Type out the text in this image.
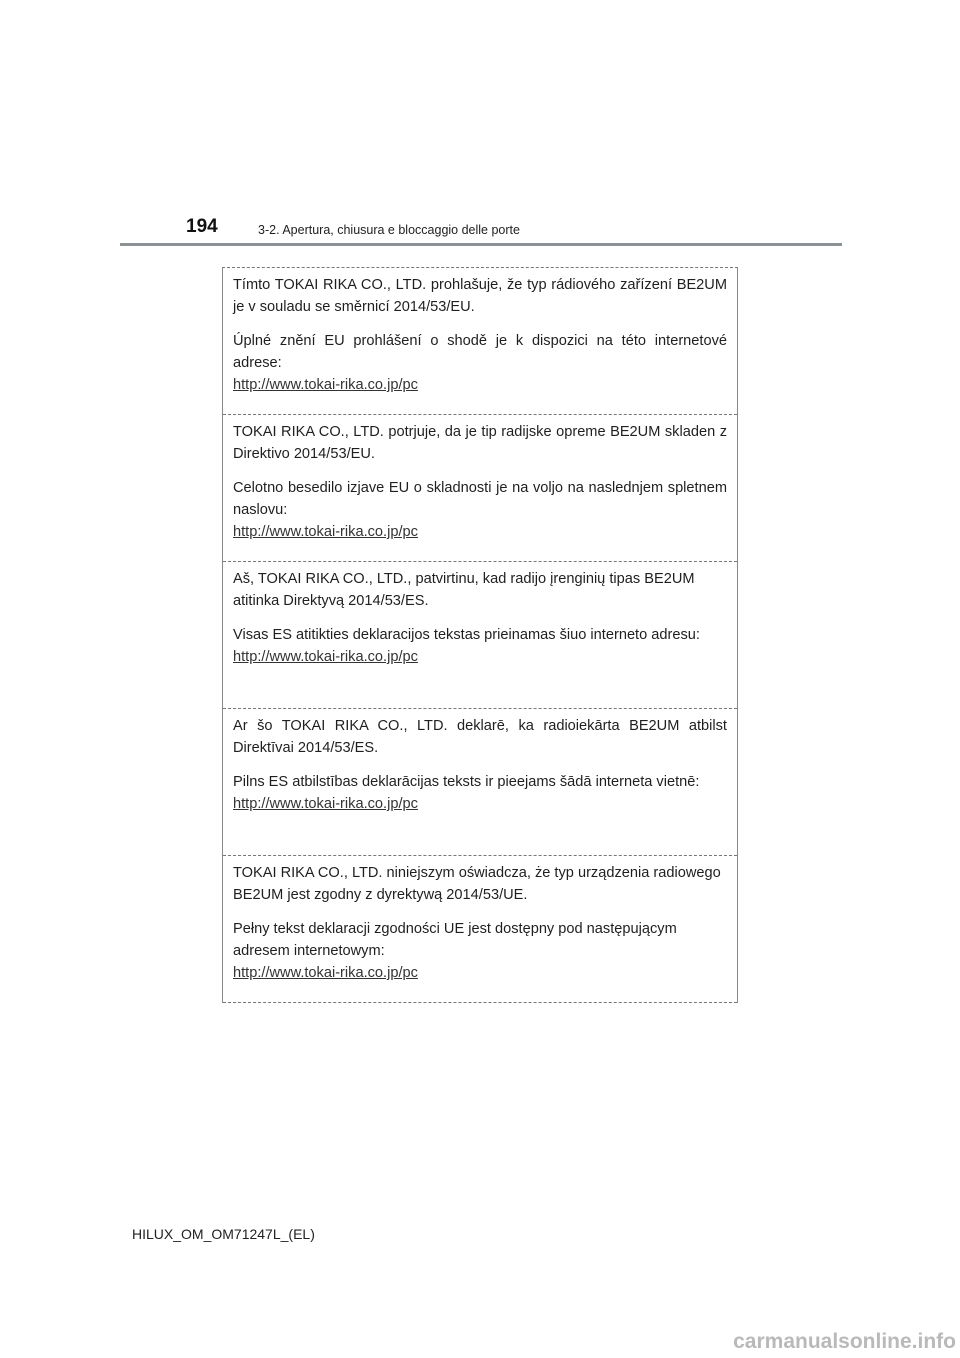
194	3-2. Apertura, chiusura e bloccaggio delle porte

Tímto TOKAI RIKA CO., LTD. prohlašuje, že typ rádiového zařízení BE2UM je v souladu se směrnicí 2014/53/EU.

Úplné znění EU prohlášení o shodě je k dispozici na této internetové adrese:

http://www.tokai-rika.co.jp/pc

TOKAI RIKA CO., LTD. potrjuje, da je tip radijske opreme BE2UM skladen z Direktivo 2014/53/EU.

Celotno besedilo izjave EU o skladnosti je na voljo na naslednjem spletnem naslovu:

http://www.tokai-rika.co.jp/pc

Aš, TOKAI RIKA CO., LTD., patvirtinu, kad radijo įrenginių tipas BE2UM atitinka Direktyvą 2014/53/ES.

Visas ES atitikties deklaracijos tekstas prieinamas šiuo interneto adresu:

http://www.tokai-rika.co.jp/pc

Ar šo TOKAI RIKA CO., LTD. deklarē, ka radioiekārta BE2UM atbilst Direktīvai 2014/53/ES.

Pilns ES atbilstības deklarācijas teksts ir pieejams šādā interneta vietnē:

http://www.tokai-rika.co.jp/pc

TOKAI RIKA CO., LTD. niniejszym oświadcza, że typ urządzenia radiowego BE2UM jest zgodny z dyrektywą 2014/53/UE.

Pełny tekst deklaracji zgodności UE jest dostępny pod następującym adresem internetowym:

http://www.tokai-rika.co.jp/pc
HILUX_OM_OM71247L_(EL)
carmanualsonline.info
